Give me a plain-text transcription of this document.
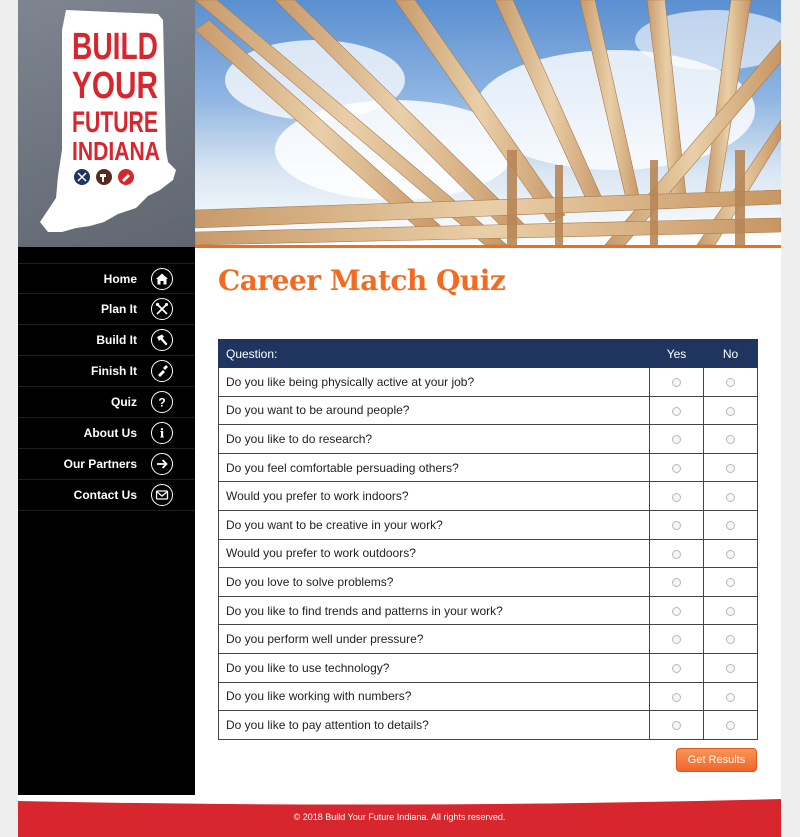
BUILD
YOUR
FUTURE
INDIANA
Home
Plan It
Build It
Finish It
Quiz ?
About Us i
Our Partners
Contact Us
Career Match Quiz
Question:	Yes	No
Do you like being physically active at your job?		
Do you want to be around people?		
Do you like to do research?		
Do you feel comfortable persuading others?		
Would you prefer to work indoors?		
Do you want to be creative in your work?		
Would you prefer to work outdoors?		
Do you love to solve problems?		
Do you like to find trends and patterns in your work?		
Do you perform well under pressure?		
Do you like to use technology?		
Do you like working with numbers?		
Do you like to pay attention to details?		
Get Results
© 2018 Build Your Future Indiana. All rights reserved.
